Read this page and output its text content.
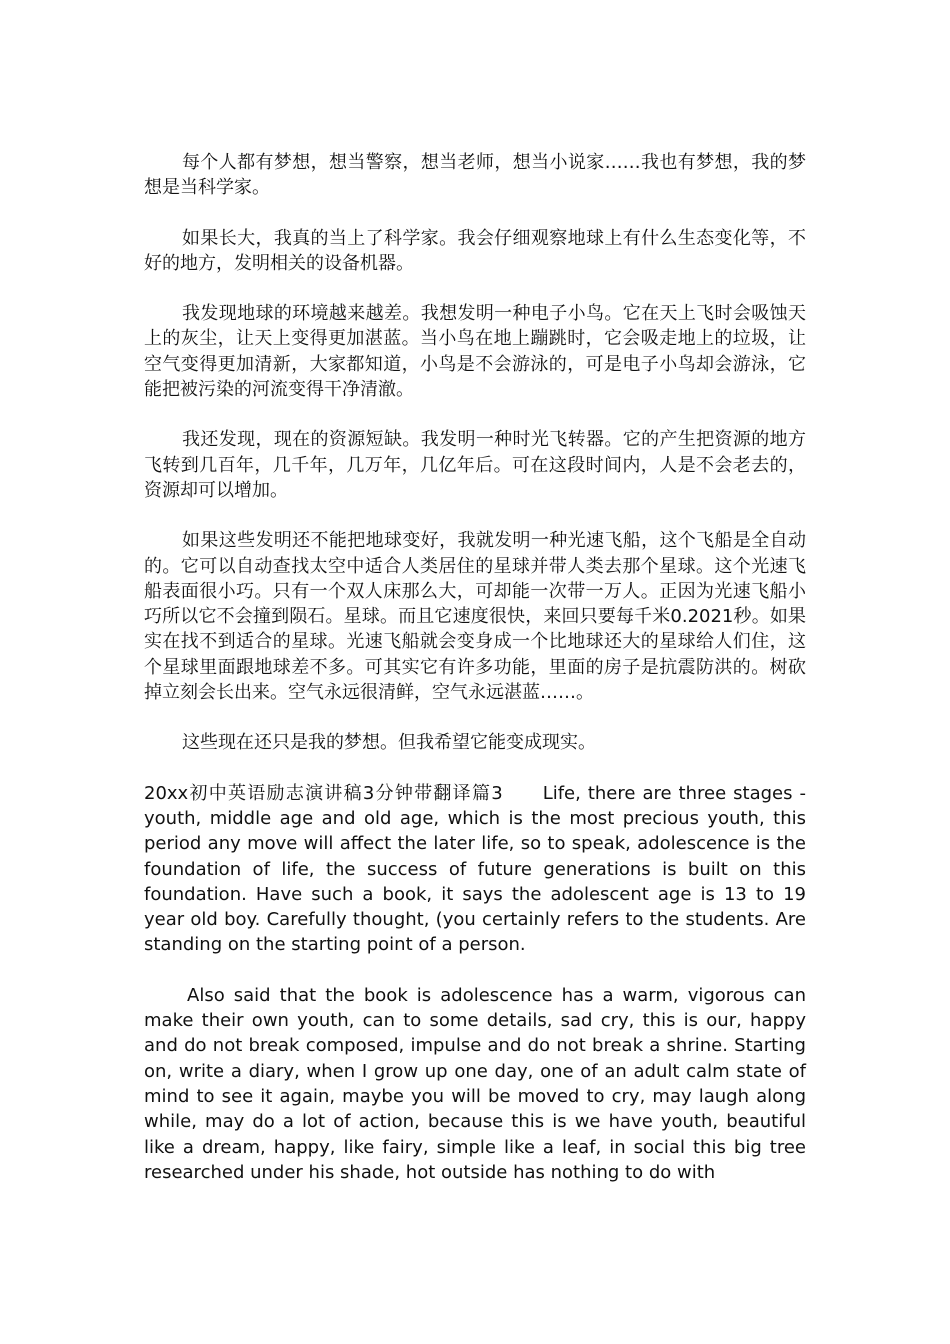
每个人都有梦想，想当警察，想当老师，想当小说家……我也有梦想，我的梦想是当科学家。

如果长大，我真的当上了科学家。我会仔细观察地球上有什么生态变化等，不好的地方，发明相关的设备机器。

我发现地球的环境越来越差。我想发明一种电子小鸟。它在天上飞时会吸蚀天上的灰尘，让天上变得更加湛蓝。当小鸟在地上蹦跳时，它会吸走地上的垃圾，让空气变得更加清新，大家都知道，小鸟是不会游泳的，可是电子小鸟却会游泳，它能把被污染的河流变得干净清澈。

我还发现，现在的资源短缺。我发明一种时光飞转器。它的产生把资源的地方飞转到几百年，几千年，几万年，几亿年后。可在这段时间内，人是不会老去的，资源却可以增加。

如果这些发明还不能把地球变好，我就发明一种光速飞船，这个飞船是全自动的。它可以自动查找太空中适合人类居住的星球并带人类去那个星球。这个光速飞船表面很小巧。只有一个双人床那么大，可却能一次带一万人。正因为光速飞船小巧所以它不会撞到陨石。星球。而且它速度很快，来回只要每千米0.2021秒。如果实在找不到适合的星球。光速飞船就会变身成一个比地球还大的星球给人们住，这个星球里面跟地球差不多。可其实它有许多功能，里面的房子是抗震防洪的。树砍掉立刻会长出来。空气永远很清鲜，空气永远湛蓝……。

这些现在还只是我的梦想。但我希望它能变成现实。

20xx初中英语励志演讲稿3分钟带翻译篇3 Life, there are three stages - youth, middle age and old age, which is the most precious youth, this period any move will affect the later life, so to speak, adolescence is the foundation of life, the success of future generations is built on this foundation. Have such a book, it says the adolescent age is 13 to 19 year old boy. Carefully thought, (you certainly refers to the students. Are standing on the starting point of a person.

Also said that the book is adolescence has a warm, vigorous can make their own youth, can to some details, sad cry, this is our, happy and do not break composed, impulse and do not break a shrine. Starting on, write a diary, when I grow up one day, one of an adult calm state of mind to see it again, maybe you will be moved to cry, may laugh along while, may do a lot of action, because this is we have youth, beautiful like a dream, happy, like fairy, simple like a leaf, in social this big tree researched under his shade, hot outside has nothing to do with
